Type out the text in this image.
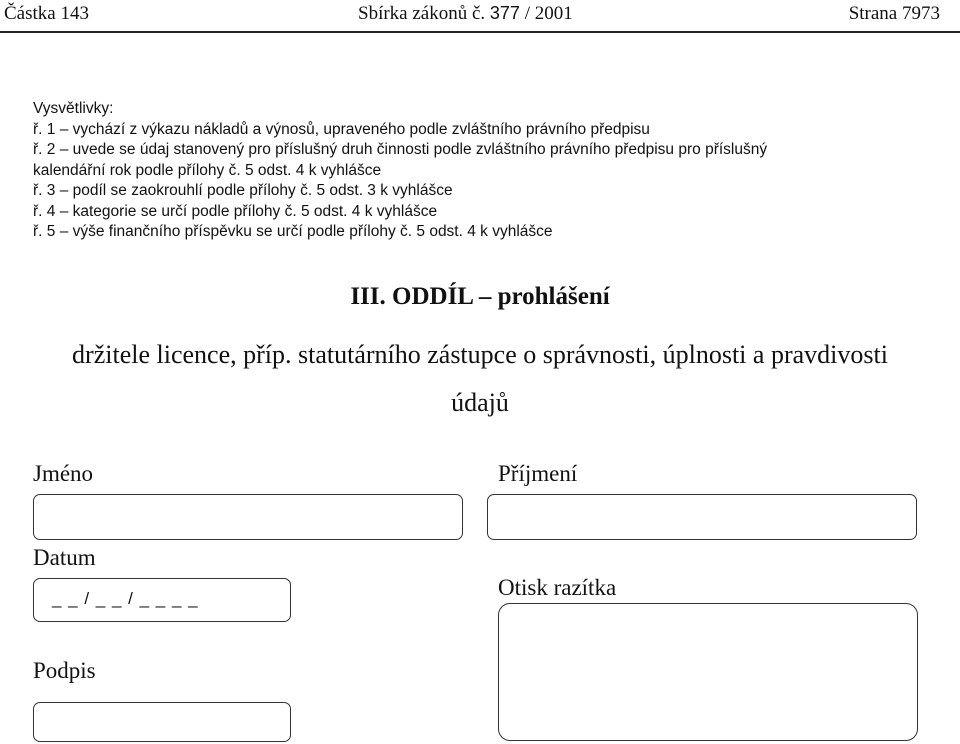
Částka 143	Sbírka zákonů č. 377 / 2001	Strana 7973
Vysvětlivky:
ř. 1 – vychází z výkazu nákladů a výnosů, upraveného podle zvláštního právního předpisu
ř. 2 – uvede se údaj stanovený pro příslušný druh činnosti podle zvláštního právního předpisu pro příslušný
kalendářní rok podle přílohy č. 5 odst. 4 k vyhlášce
ř. 3 – podíl se zaokrouhlí podle přílohy č. 5 odst. 3 k vyhlášce
ř. 4 – kategorie se určí podle přílohy č. 5 odst. 4 k vyhlášce
ř. 5 – výše finančního příspěvku se určí podle přílohy č. 5 odst. 4 k vyhlášce
III. ODDÍL – prohlášení
držitele licence, příp. statutárního zástupce o správnosti, úplnosti a pravdivosti
údajů
Jméno	Příjmení
Datum
_ _ / _ _ / _ _ _ _	Otisk razítka
Podpis
